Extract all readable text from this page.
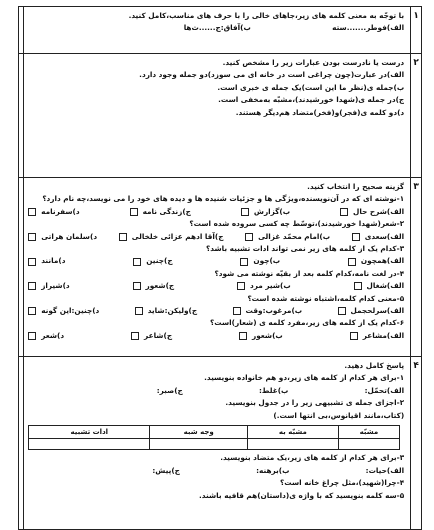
با توجّه به معنی کلمه های زیر،جاهای خالی را با حرف های مناسب،کامل کنید.
الف)فوطر.......سته                                ب)آفاق:ج......ث‌ها
	۱

درست یا نادرست بودن عبارات زیر را مشخص کنید.
الف)در عبارت(چون چراغی است در خانه ای می سوزد)دو جمله وجود دارد.
ب)جمله ی(نظر ما این است)یک جمله ی خبری است.
ج)در جمله ی(شهدا خورشیدند)،مشبّه به‌مخفی است.
د)دو کلمه ی(فجر)و(فخر)متضاد هم‌دیگر هستند.
	۲

گزینه صحیح را انتخاب کنید.
۱-نوشته ای که در آن‌نویسنده،ویژگی ها و جزئیات شنیده ها و دیده های خود را می نویسد،چه نام دارد؟
الف)شرح حال
ب)گزارش
ج)زندگی نامه
د)سفرنامه
۲-شعر(شهدا خورشیدند)،توسّط چه کسی سروده شده است؟
الف)سعدی
ب)امام محمّد غزالی
ج)آقا ادهم عزائی خلخالی
د)سلمان هراتی
۳-کدام یک از کلمه های زیر نمی تواند ادات تشبیه باشد؟
الف)همچون
ب)چون
ج)چنین
د)مانند
۴-در لغت نامه،کدام کلمه بعد از بقیّه نوشته می شود؟
الف)شغال
ب)شیر مرد
ج)شعور
د)شیراز
۵-معنی کدام کلمه،اشتباه نوشته شده است؟
الف)سرلحجمل
ب)مرغوب:وقت
ج)ولیکن:شاید
د)چنین:این گونه
۶-کدام یک از کلمه های زیر،مفرد کلمه ی (شعار)است؟
الف)مشاعر
ب)شعور
ج)شاعر
د)شعر
	۳

پاسخ کامل دهید.
۱-برای هر کدام از کلمه های زیر،دو هم خانواده بنویسید.
الف)تحمّل:                              ب)غلط:                              ج)صبر:
۲-اجزای جمله ی تشبیهی زیر را در جدول بنویسید.
(کتاب،مانند اقیانوس،بی انتها است.)
مشبّه	مشبّه به	وجه شبه	ادات تشبیه

۳-برای هر کدام از کلمه های زیر،یک متضاد بنویسید.
الف)حیات:                              ب)برهنه:                              ج)پیش:
۴-چرا(شهید)،مثل چراغ خانه است؟
۵-سه کلمه بنویسید که با واژه ی(داستان)هم قافیه باشند.
	۴
